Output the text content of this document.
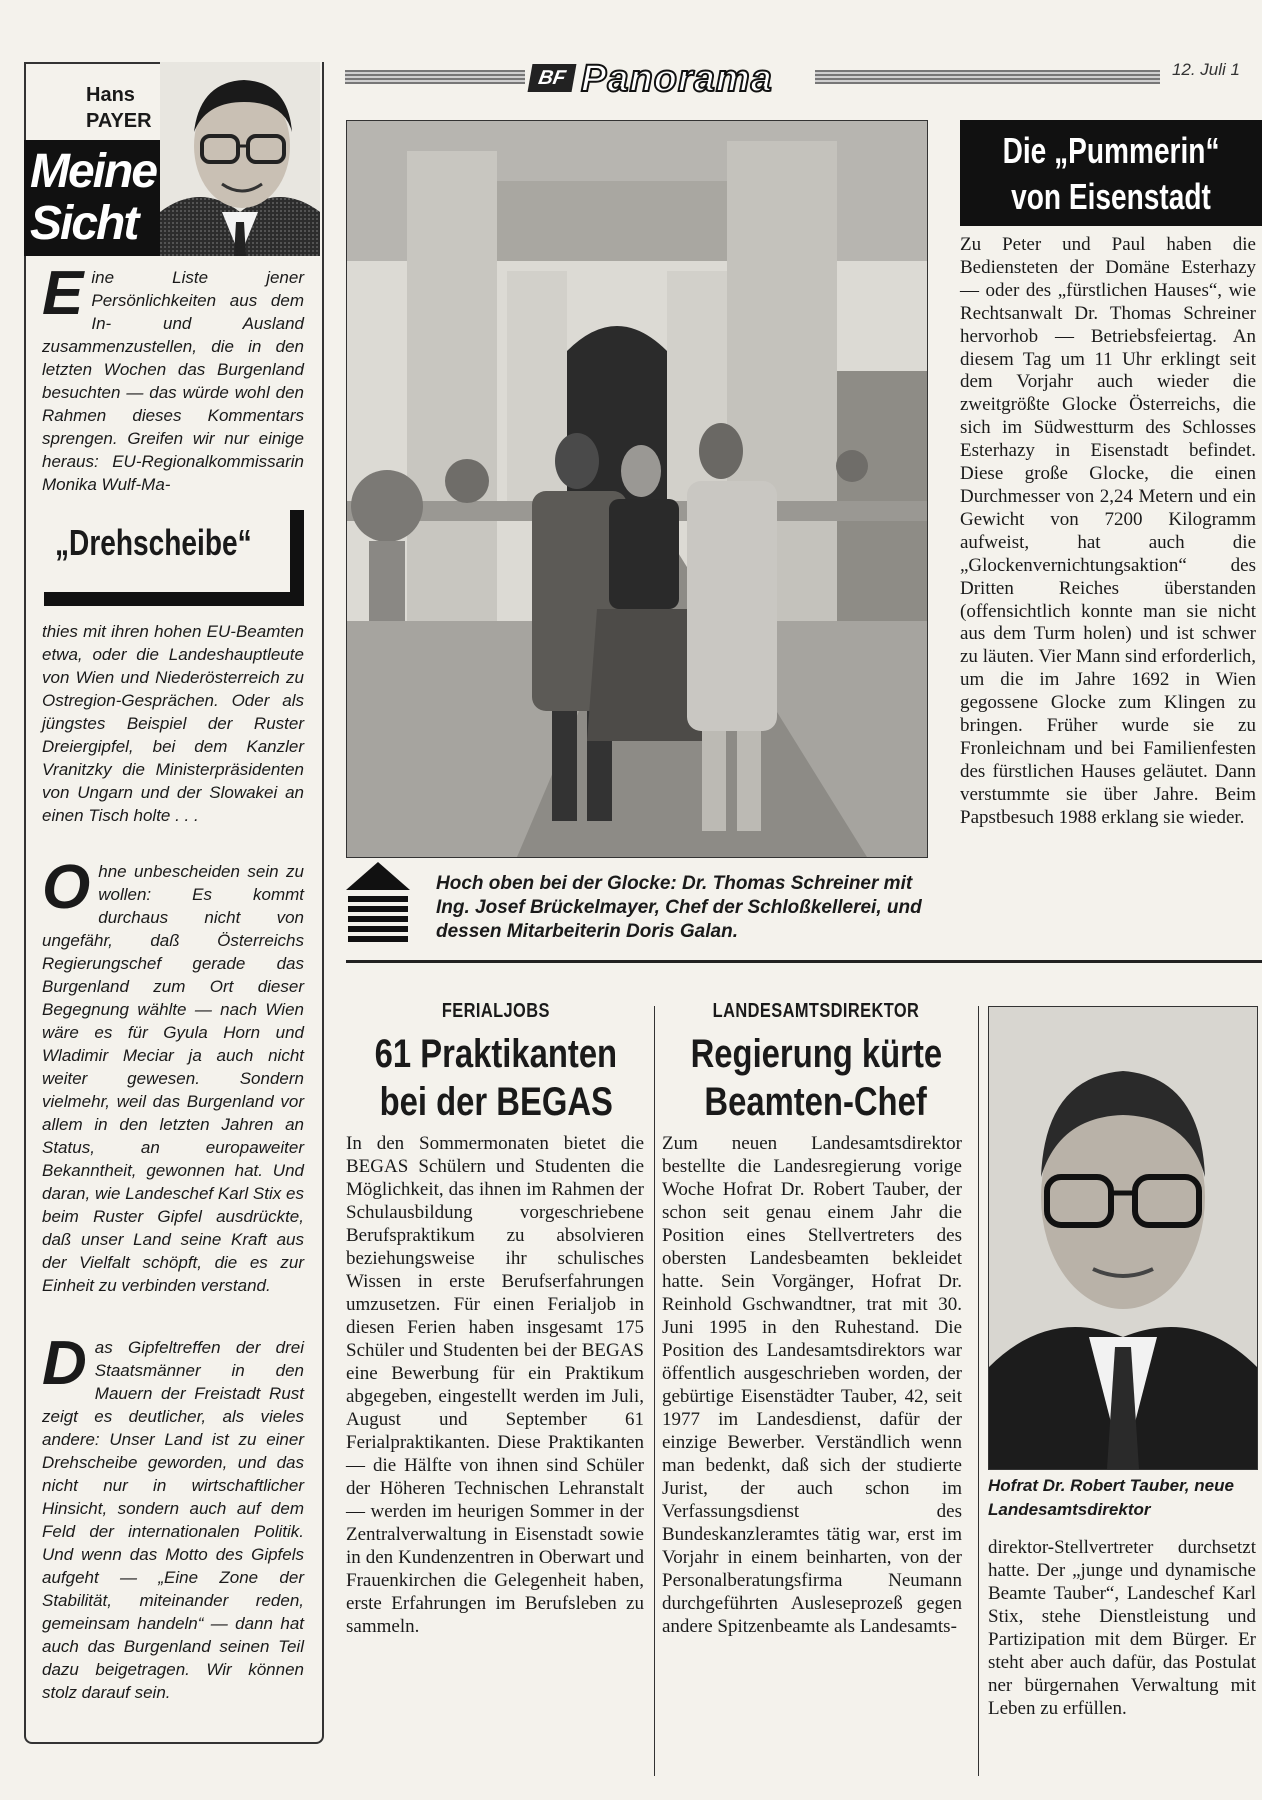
BF Panorama	12. Juli 1
Hans
PAYER
Meine
Sicht
Eine Liste jener Persönlichkeiten aus dem In- und Ausland zusammenzustellen, die in den letzten Wochen das Burgenland besuchten — das würde wohl den Rahmen dieses Kommentars sprengen. Greifen wir nur einige heraus: EU-Regionalkommissarin Monika Wulf-Ma-
„Drehscheibe“
thies mit ihren hohen EU-Beamten etwa, oder die Landeshauptleute von Wien und Niederösterreich zu Ostregion-Gesprächen. Oder als jüngstes Beispiel der Ruster Dreiergipfel, bei dem Kanzler Vranitzky die Ministerpräsidenten von Ungarn und der Slowakei an einen Tisch holte . . .
Ohne unbescheiden sein zu wollen: Es kommt durchaus nicht von ungefähr, daß Österreichs Regierungschef gerade das Burgenland zum Ort dieser Begegnung wählte — nach Wien wäre es für Gyula Horn und Wladimir Meciar ja auch nicht weiter gewesen. Sondern vielmehr, weil das Burgenland vor allem in den letzten Jahren an Status, an europaweiter Bekanntheit, gewonnen hat. Und daran, wie Landeschef Karl Stix es beim Ruster Gipfel ausdrückte, daß unser Land seine Kraft aus der Vielfalt schöpft, die es zur Einheit zu verbinden verstand.
Das Gipfeltreffen der drei Staatsmänner in den Mauern der Freistadt Rust zeigt es deutlicher, als vieles andere: Unser Land ist zu einer Drehscheibe geworden, und das nicht nur in wirtschaftlicher Hinsicht, sondern auch auf dem Feld der internationalen Politik. Und wenn das Motto des Gipfels aufgeht — „Eine Zone der Stabilität, miteinander reden, gemeinsam handeln“ — dann hat auch das Burgenland seinen Teil dazu beigetragen. Wir können stolz darauf sein.
Hoch oben bei der Glocke: Dr. Thomas Schreiner mit Ing. Josef Brückelmayer, Chef der Schloßkellerei, und dessen Mitarbeiterin Doris Galan.
Die „Pummerin“
von Eisenstadt
Zu Peter und Paul haben die Bediensteten der Domäne Esterhazy — oder des „fürstlichen Hauses“, wie Rechtsanwalt Dr. Thomas Schreiner hervorhob — Betriebsfeiertag. An diesem Tag um 11 Uhr erklingt seit dem Vorjahr auch wieder die zweitgrößte Glocke Österreichs, die sich im Südwestturm des Schlosses Esterhazy in Eisenstadt befindet. Diese große Glocke, die einen Durchmesser von 2,24 Metern und ein Gewicht von 7200 Kilogramm aufweist, hat auch die „Glockenvernichtungsaktion“ des Dritten Reiches überstanden (offensichtlich konnte man sie nicht aus dem Turm holen) und ist schwer zu läuten. Vier Mann sind erforderlich, um die im Jahre 1692 in Wien gegossene Glocke zum Klingen zu bringen. Früher wurde sie zu Fronleichnam und bei Familienfesten des fürstlichen Hauses geläutet. Dann verstummte sie über Jahre. Beim Papstbesuch 1988 erklang sie wieder.
FERIALJOBS
61 Praktikanten
bei der BEGAS
In den Sommermonaten bietet die BEGAS Schülern und Studenten die Möglichkeit, das ihnen im Rahmen der Schulausbildung vorgeschriebene Berufspraktikum zu absolvieren beziehungsweise ihr schulisches Wissen in erste Berufserfahrungen umzusetzen. Für einen Ferialjob in diesen Ferien haben insgesamt 175 Schüler und Studenten bei der BEGAS eine Bewerbung für ein Praktikum abgegeben, eingestellt werden im Juli, August und September 61 Ferialpraktikanten. Diese Praktikanten — die Hälfte von ihnen sind Schüler der Höheren Technischen Lehranstalt — werden im heurigen Sommer in der Zentralverwaltung in Eisenstadt sowie in den Kundenzentren in Oberwart und Frauenkirchen die Gelegenheit haben, erste Erfahrungen im Berufsleben zu sammeln.
LANDESAMTSDIREKTOR
Regierung kürte
Beamten-Chef
Zum neuen Landesamtsdirektor bestellte die Landesregierung vorige Woche Hofrat Dr. Robert Tauber, der schon seit genau einem Jahr die Position eines Stellvertreters des obersten Landesbeamten bekleidet hatte. Sein Vorgänger, Hofrat Dr. Reinhold Gschwandtner, trat mit 30. Juni 1995 in den Ruhestand. Die Position des Landesamtsdirektors war öffentlich ausgeschrieben worden, der gebürtige Eisenstädter Tauber, 42, seit 1977 im Landesdienst, dafür der einzige Bewerber. Verständlich wenn man bedenkt, daß sich der studierte Jurist, der auch schon im Verfassungsdienst des Bundeskanzleramtes tätig war, erst im Vorjahr in einem beinharten, von der Personalberatungsfirma Neumann durchgeführten Ausleseprozeß gegen andere Spitzenbeamte als Landesamts-
Hofrat Dr. Robert Tauber, neue Landesamtsdirektor
direktor-Stellvertreter durchsetzt hatte. Der „junge und dynamische Beamte Tauber“, Landeschef Karl Stix, stehe Dienstleistung und Partizipation mit dem Bürger. Er steht aber auch dafür, das Postulat ner bürgernahen Verwaltung mit Leben zu erfüllen.
